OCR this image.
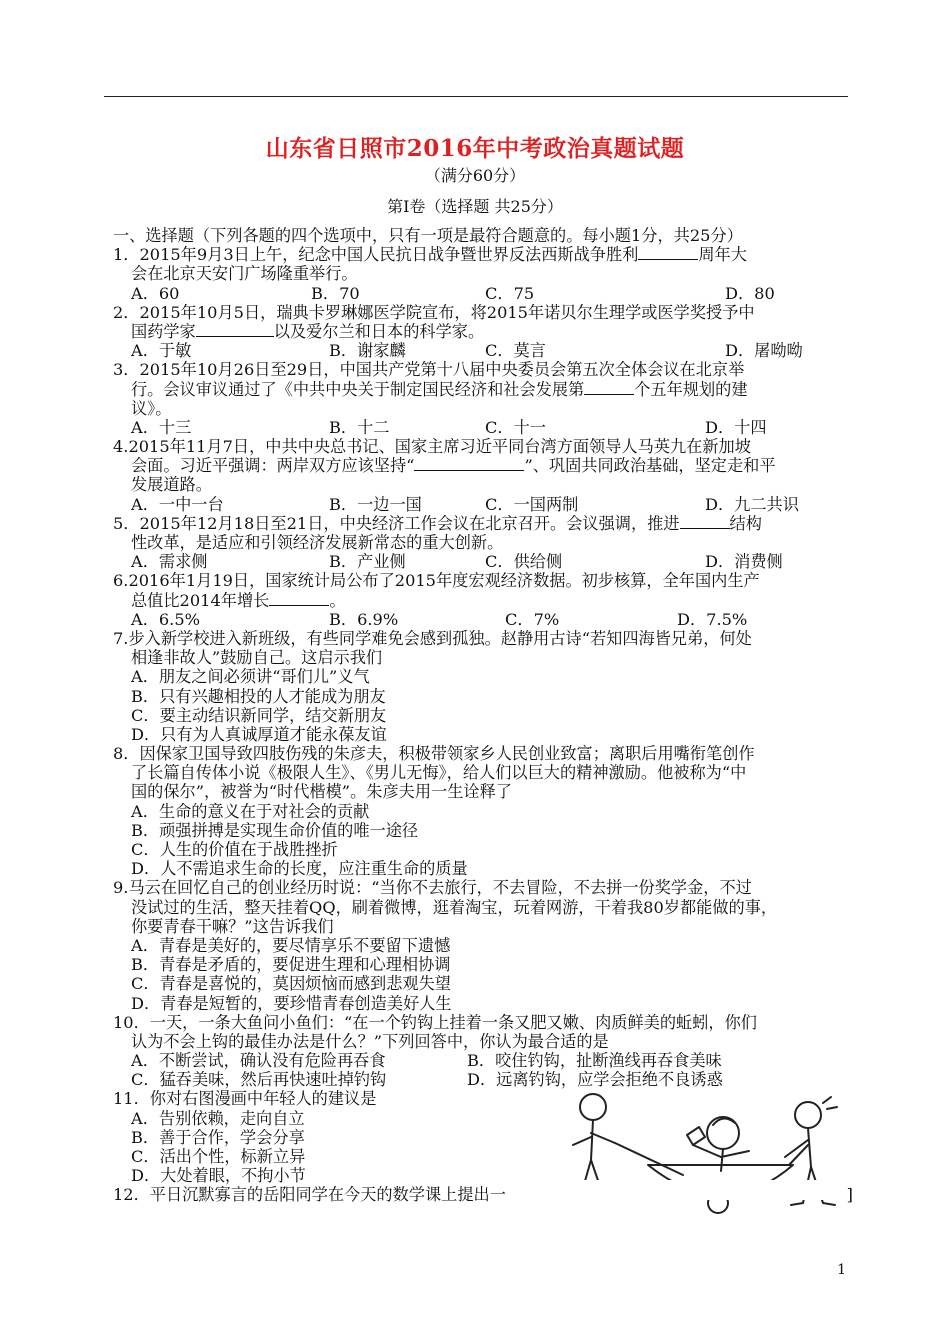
山东省日照市2016年中考政治真题试题
（满分60分）
第Ⅰ卷（选择题 共25分）
一、选择题（下列各题的四个选项中，只有一项是最符合题意的。每小题1分，共25分）
1．2015年9月3日上午，纪念中国人民抗日战争暨世界反法西斯战争胜利	周年大
会在北京天安门广场隆重举行。
A．60	B．70	C．75	D．80
2．2015年10月5日，瑞典卡罗琳娜医学院宣布，将2015年诺贝尔生理学或医学奖授予中
国药学家	以及爱尔兰和日本的科学家。
A．于敏	B．谢家麟	C．莫言	D．屠呦呦
3．2015年10月26日至29日，中国共产党第十八届中央委员会第五次全体会议在北京举
行。会议审议通过了《中共中央关于制定国民经济和社会发展第	个五年规划的建
议》。
A．十三	B．十二	C．十一	D．十四
4.2015年11月7日，中共中央总书记、国家主席习近平同台湾方面领导人马英九在新加坡
会面。习近平强调：两岸双方应该坚持“	”、巩固共同政治基础，坚定走和平
发展道路。
A．一中一台	B．一边一国	C．一国两制	D．九二共识
5．2015年12月18日至21日，中央经济工作会议在北京召开。会议强调，推进	结构
性改革，是适应和引领经济发展新常态的重大创新。
A．需求侧	B．产业侧	C．供给侧	D．消费侧
6.2016年1月19日，国家统计局公布了2015年度宏观经济数据。初步核算，全年国内生产
总值比2014年增长	。
A．6.5%	B．6.9%	C．7%	D．7.5%
7.步入新学校进入新班级，有些同学难免会感到孤独。赵静用古诗“若知四海皆兄弟，何处
相逢非故人”鼓励自己。这启示我们
A．朋友之间必须讲“哥们儿”义气
B．只有兴趣相投的人才能成为朋友
C．要主动结识新同学，结交新朋友
D．只有为人真诚厚道才能永葆友谊
8．因保家卫国导致四肢伤残的朱彦夫，积极带领家乡人民创业致富；离职后用嘴衔笔创作
了长篇自传体小说《极限人生》、《男儿无悔》，给人们以巨大的精神激励。他被称为“中
国的保尔”，被誉为“时代楷模”。朱彦夫用一生诠释了
A．生命的意义在于对社会的贡献
B．顽强拼搏是实现生命价值的唯一途径
C．人生的价值在于战胜挫折
D．人不需追求生命的长度，应注重生命的质量
9.马云在回忆自己的创业经历时说：“当你不去旅行，不去冒险，不去拼一份奖学金，不过
没试过的生活，整天挂着QQ，刷着微博，逛着淘宝，玩着网游，干着我80岁都能做的事，
你要青春干嘛？”这告诉我们
A．青春是美好的，要尽情享乐不要留下遗憾
B．青春是矛盾的，要促进生理和心理相协调
C．青春是喜悦的，莫因烦恼而感到悲观失望
D．青春是短暂的，要珍惜青春创造美好人生
10．一天，一条大鱼问小鱼们：“在一个钓钩上挂着一条又肥又嫩、肉质鲜美的蚯蚓，你们
认为不会上钩的最佳办法是什么？”下列回答中，你认为最合适的是
A．不断尝试，确认没有危险再吞食	B．咬住钓钩，扯断渔线再吞食美味
C．猛吞美味，然后再快速吐掉钓钩	D．远离钓钩，应学会拒绝不良诱惑
11．你对右图漫画中年轻人的建议是
A．告别依赖，走向自立
B．善于合作，学会分享
C．活出个性，标新立异
D．大处着眼，不拘小节
12．平日沉默寡言的岳阳同学在今天的数学课上提出一	]
1
